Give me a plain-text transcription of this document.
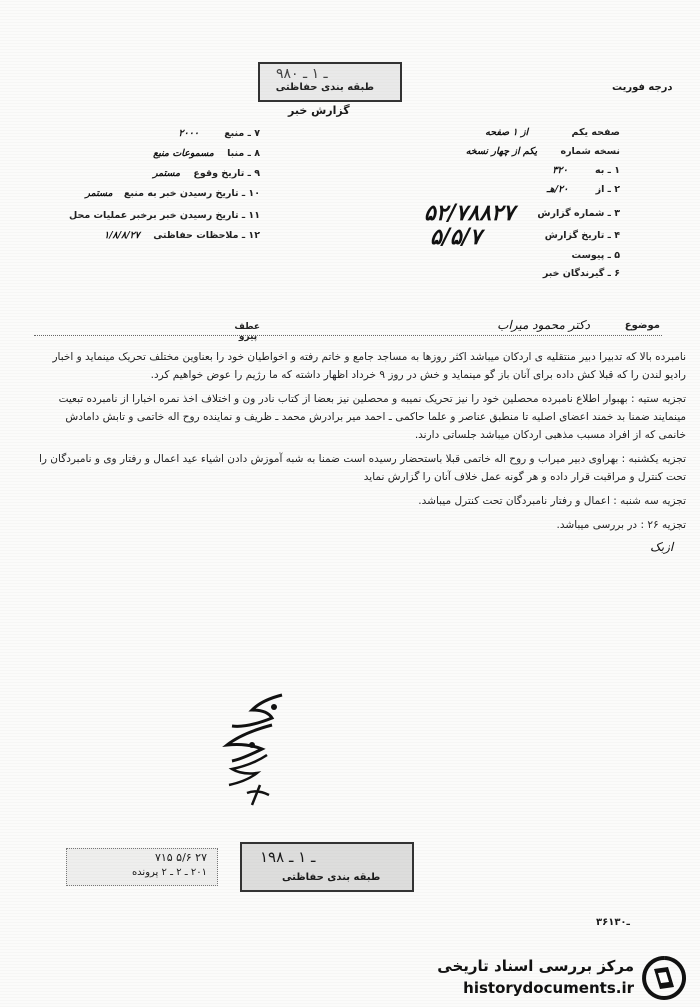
درجه فوریت
۹۸۰ ـ ۱ ـ
طبقه بندی حفاظتی
گزارش خبر
صفحه یکم از ۱ صفحه
نسخه شماره یکم از چهار نسخه
۱ ـ به ۳۲۰
۲ ـ از ۲۰/هـ
۳ ـ شماره گزارش
۵۲/۷۸۸۲۷
۴ ـ تاریخ گزارش
۵/۵/۷
۵ ـ پیوست
۶ ـ گیرندگان خبر
۷ ـ منبع ۲۰۰۰
۸ ـ منبا مسموعات منبع
۹ ـ تاریخ وقوع مستمر
۱۰ ـ تاریخ رسیدن خبر به منبع مستمر
۱۱ ـ تاریخ رسیدن خبر برخبر عملیات محل
۱۲ ـ ملاحظات حفاظتی ۱/۸/۸/۲۷
موضوع
دکتر محمود میراب
عطف پیرو

نامبرده بالا که تدبیرا دبیر منتقلیه ی اردکان میباشد اکثر روزها به مساجد جامع و خاتم رفته و اخواطیان خود را بعناوین مختلف تحریک مینماید و اخبار رادیو لندن را که قبلا کش داده برای آنان باز گو مینماید و خش در روز ۹ خرداد اظهار داشته که ما رژیم را عوض خواهیم کرد.

تجزیه ستیه : بهبوار اطلاع نامبرده محصلین خود را نیز تحریک نمیبه و محصلین نیز بعضا از کتاب نادر ون و اختلاف اخذ نمره اخبارا از نامبرده تبعیت مینمایند ضمنا بد خمند اعضای اصلیه تا منطبق عناصر و علما حاکمی ـ احمد میر برادرش محمد ـ ظریف و نماینده روح اله خاتمی و تابش دامادش خانمی که از افراد مسبب مذهبی اردکان میباشد جلساتی دارند.

تجزیه یکشنبه : بهراوی دبیر میراب و روح اله خاتمی قبلا باستحضار رسیده است ضمنا به شبه آموزش دادن اشیاء عید اعمال و رفتار وی و نامبردگان را تحت کنترل و مراقبت قرار داده و هر گونه عمل خلاف آنان را گزارش نماید

تجزیه سه شنبه : اعمال و رفتار نامبردگان تحت کنترل میباشد.

تجزیه ۲۶ : در بررسی میباشد.

ازبک
۷۱۵ ۵/۶ ۲۷
۲۰۱ ـ ۲ ـ ۲ پرونده
۱۹۸ ـ ۱ ـ
طبقه بندی حفاظتی
۳۶ـ۱۳۰
مرکز بررسی اسناد تاریخی
historydocuments.ir
